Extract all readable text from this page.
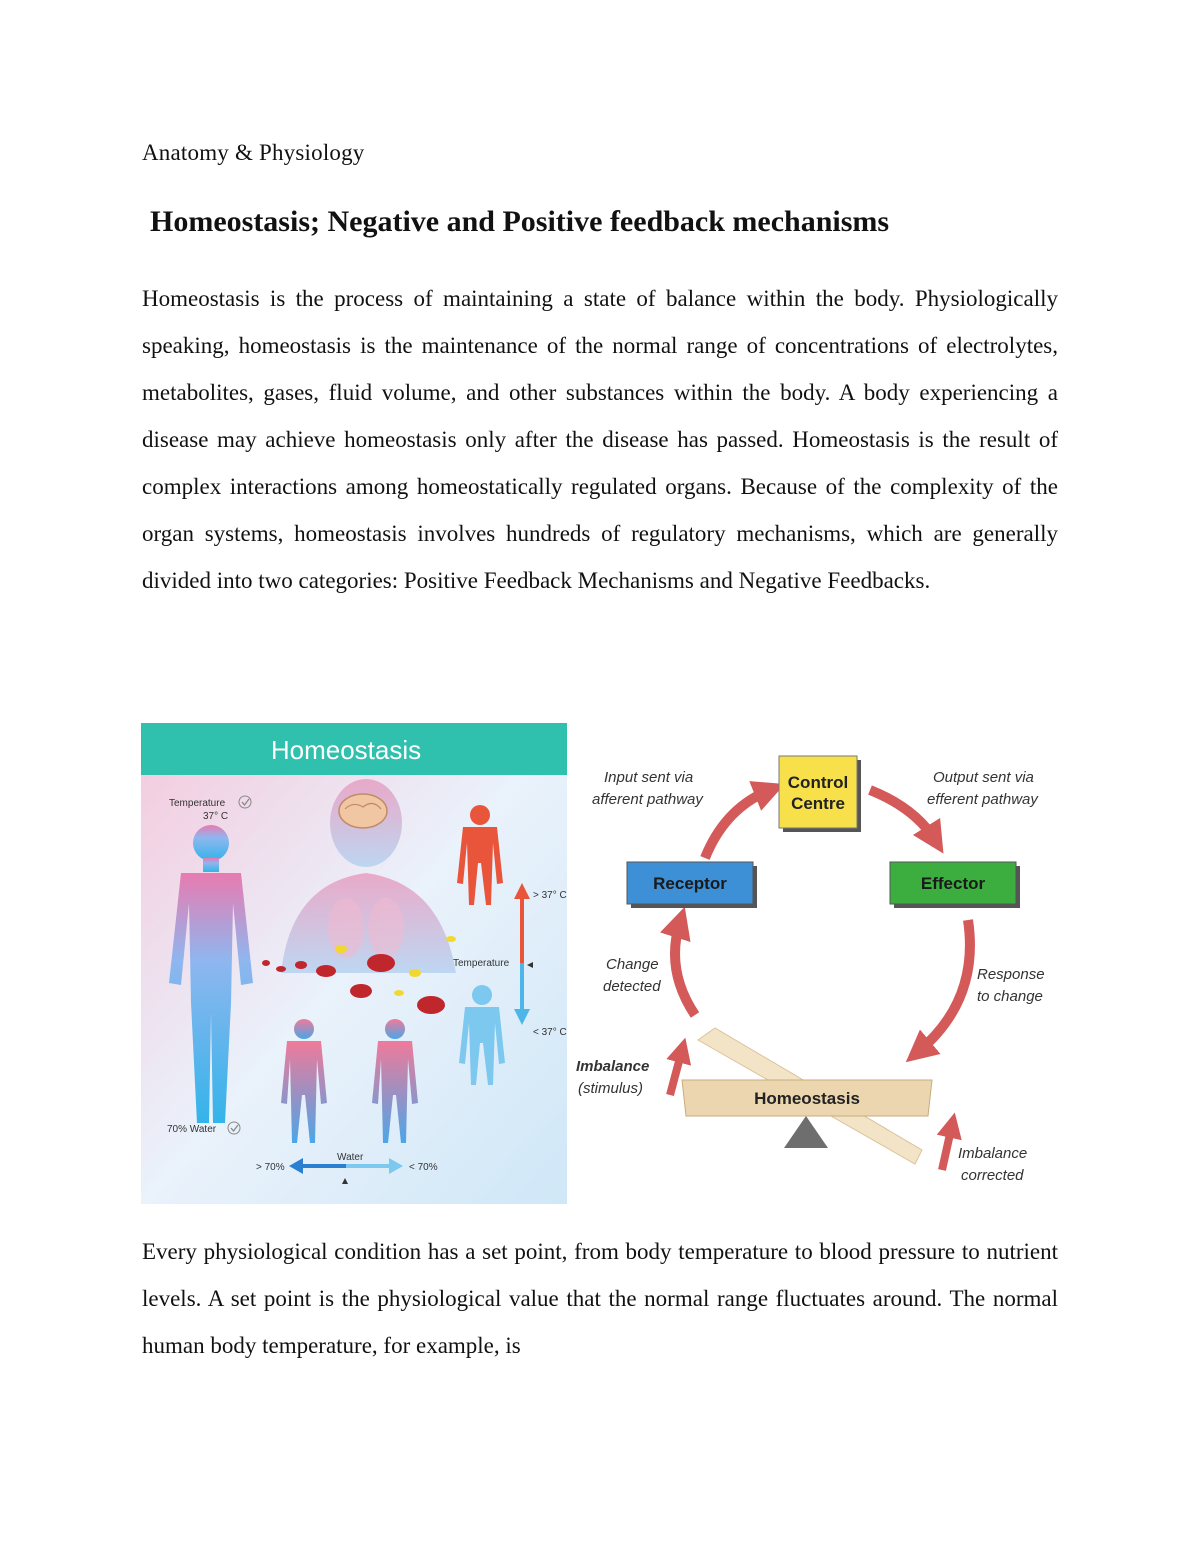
Anatomy & Physiology
Homeostasis; Negative and Positive feedback mechanisms

Homeostasis is the process of maintaining a state of balance within the body. Physiologically speaking, homeostasis is the maintenance of the normal range of concentrations of electrolytes, metabolites, gases, fluid volume, and other substances within the body. A body experiencing a disease may achieve homeostasis only after the disease has passed. Homeostasis is the result of complex interactions among homeostatically regulated organs. Because of the complexity of the organ systems, homeostasis involves hundreds of regulatory mechanisms, which are generally divided into two categories: Positive Feedback Mechanisms and Negative Feedbacks.

Homeostasis
> 37° C
< 37° C
Temperature
Temperature
37° C
70% Water
Water
> 70%	< 70%
Control
Centre
Receptor	Effector
Input sent via
afferent pathway
Output sent via
efferent pathway
Change
detected
Response
to change
Imbalance
(stimulus)
Imbalance
corrected
Homeostasis

Every physiological condition has a set point, from body temperature to blood pressure to nutrient levels. A set point is the physiological value that the normal range fluctuates around. The normal human body temperature, for example, is
